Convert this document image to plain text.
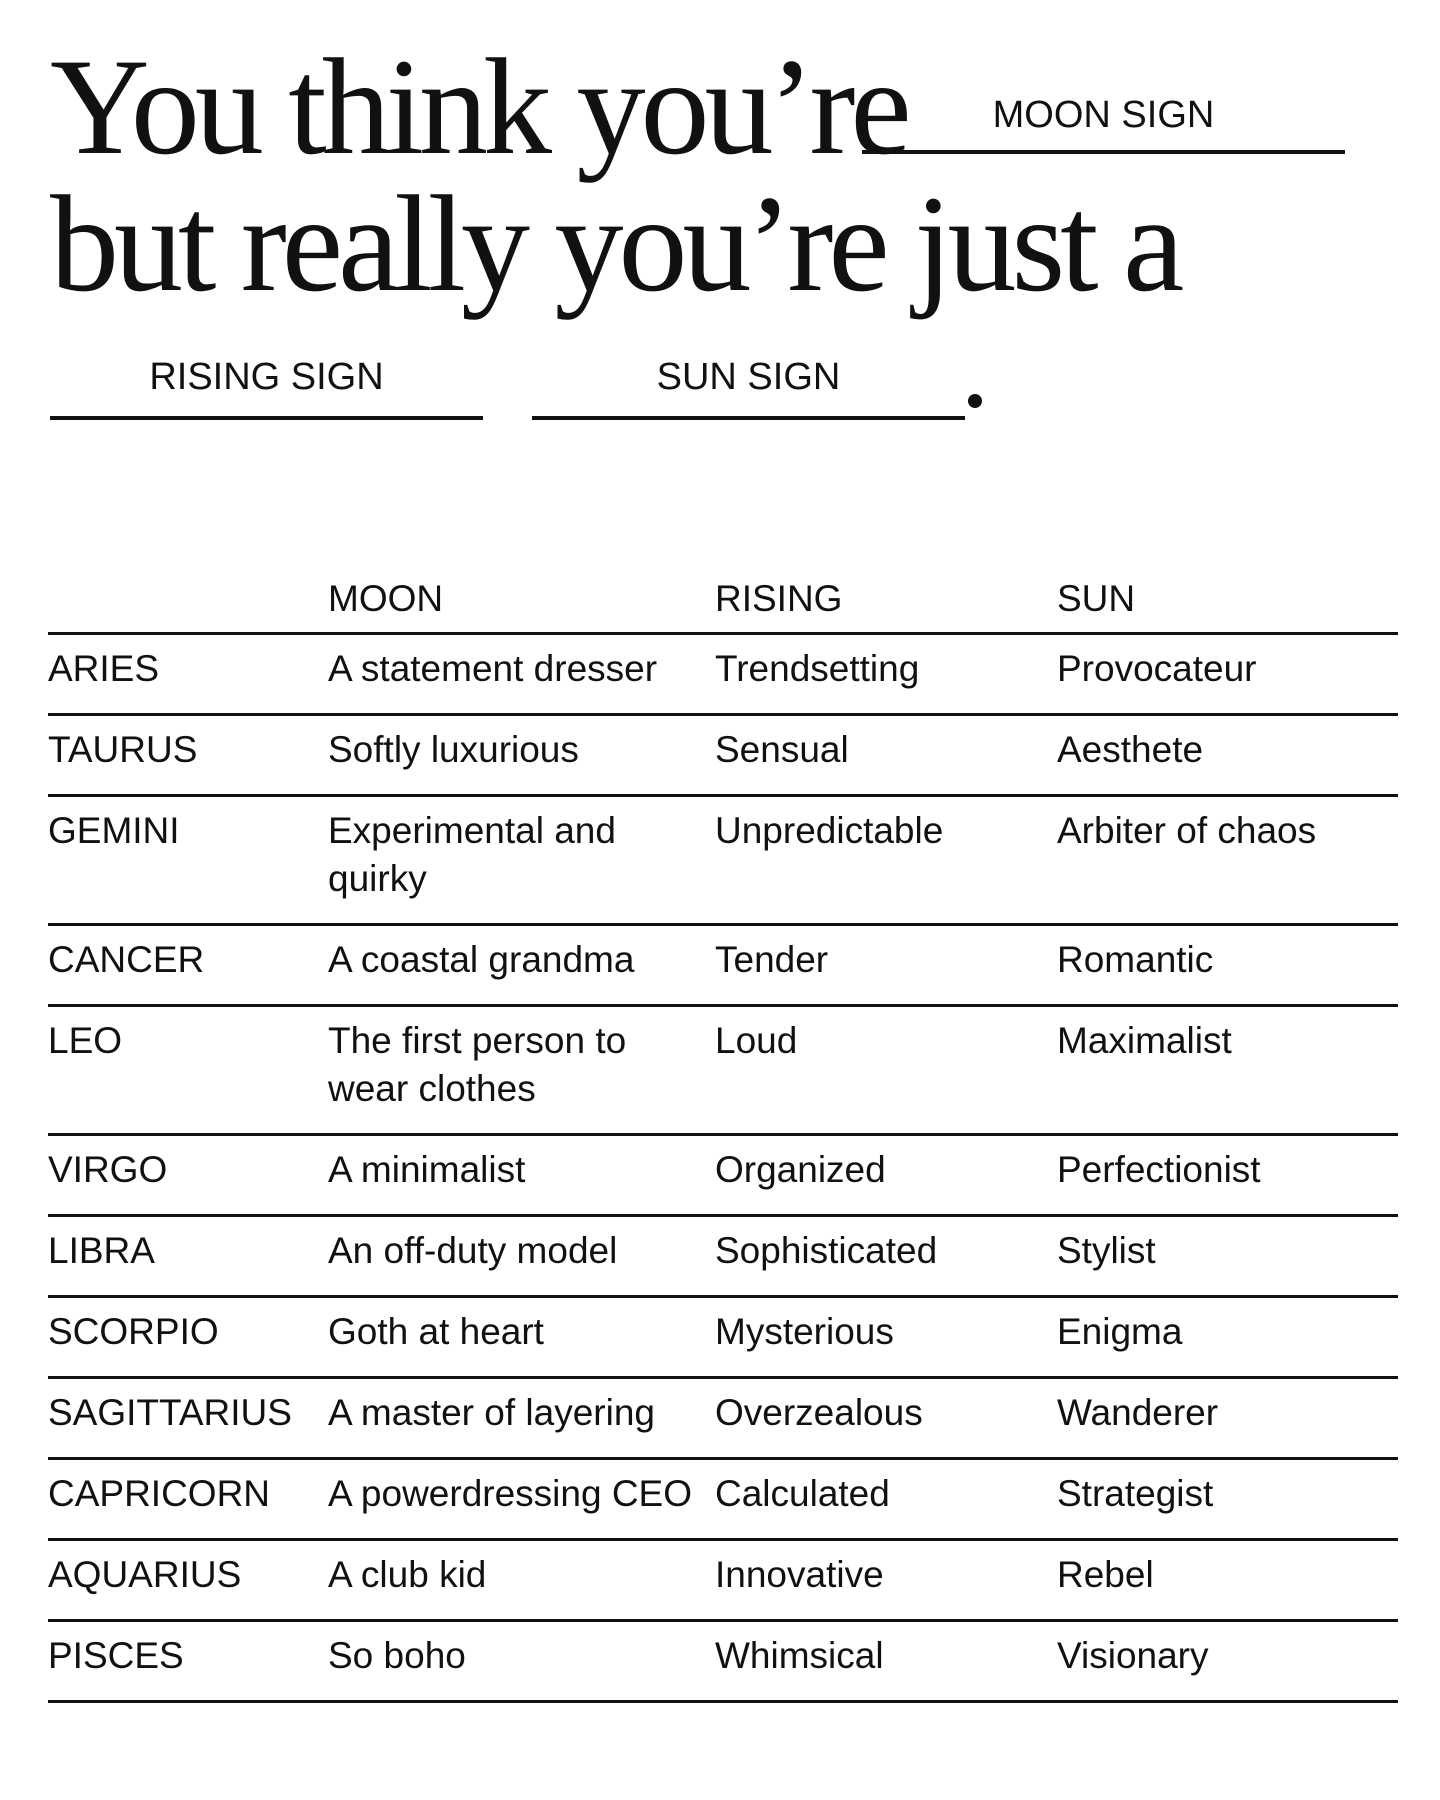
You think you’re	MOON SIGN
but really you’re just a
RISING SIGN	SUN SIGN
	MOON	RISING	SUN
ARIES	A statement dresser	Trendsetting	Provocateur
TAURUS	Softly luxurious	Sensual	Aesthete
GEMINI	Experimental and quirky	Unpredictable	Arbiter of chaos
CANCER	A coastal grandma	Tender	Romantic
LEO	The first person to wear clothes	Loud	Maximalist
VIRGO	A minimalist	Organized	Perfectionist
LIBRA	An off-duty model	Sophisticated	Stylist
SCORPIO	Goth at heart	Mysterious	Enigma
SAGITTARIUS	A master of layering	Overzealous	Wanderer
CAPRICORN	A powerdressing CEO	Calculated	Strategist
AQUARIUS	A club kid	Innovative	Rebel
PISCES	So boho	Whimsical	Visionary
